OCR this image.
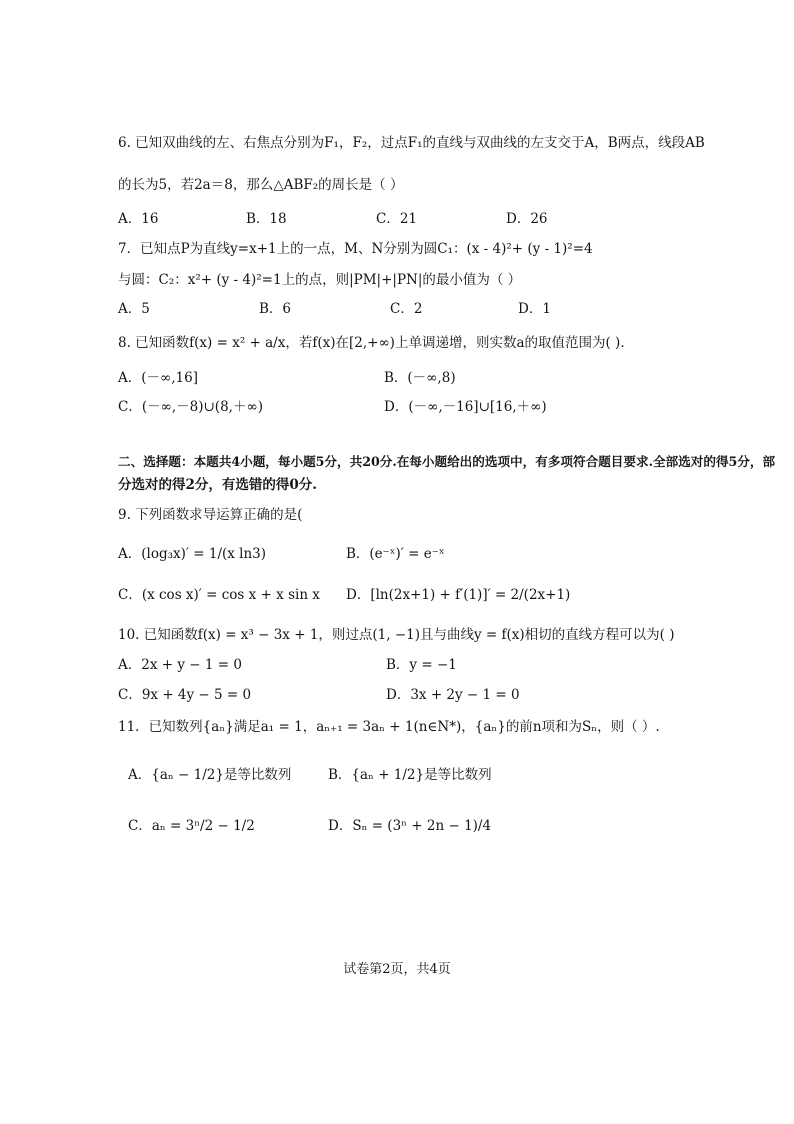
6. 已知双曲线的左、右焦点分别为F₁，F₂，过点F₁的直线与双曲线的左支交于A，B两点，线段AB
的长为5，若2a＝8，那么△ABF₂的周长是（ ）
A．16	B．18	C．21	D．26
7．已知点P为直线y=x+1上的一点，M、N分别为圆C₁：(x - 4)²+ (y - 1)²=4
与圆：C₂：x²+ (y - 4)²=1上的点，则|PM|+|PN|的最小值为（ ）
A．5	B．6	C．2	D．1
8. 已知函数f(x) = x² + a/x，若f(x)在[2,+∞)上单调递增，则实数a的取值范围为( ).
A．(－∞,16]	B．(－∞,8)
C．(－∞,－8)∪(8,＋∞)	D．(－∞,－16]∪[16,＋∞)
二、选择题：本题共4小题，每小题5分，共20分.在每小题给出的选项中，有多项符合题目要求.全部选对的得5分，部
分选对的得2分，有选错的得0分.
9. 下列函数求导运算正确的是(
A．(log₃x)′ = 1/(x ln3)	B．(e⁻ˣ)′ = e⁻ˣ
C．(x cos x)′ = cos x + x sin x D．[ln(2x+1) + f′(1)]′ = 2/(2x+1)
10. 已知函数f(x) = x³ − 3x + 1，则过点(1, −1)且与曲线y = f(x)相切的直线方程可以为( )
A．2x + y − 1 = 0	B．y = −1
C．9x + 4y − 5 = 0	D．3x + 2y − 1 = 0
11．已知数列{aₙ}满足a₁ = 1，aₙ₊₁ = 3aₙ + 1(n∈N*)，{aₙ}的前n项和为Sₙ，则（ ）.
A．{aₙ − 1/2}是等比数列	B．{aₙ + 1/2}是等比数列
C．aₙ = 3ⁿ/2 − 1/2	D．Sₙ = (3ⁿ + 2n − 1)/4
试卷第2页，共4页
